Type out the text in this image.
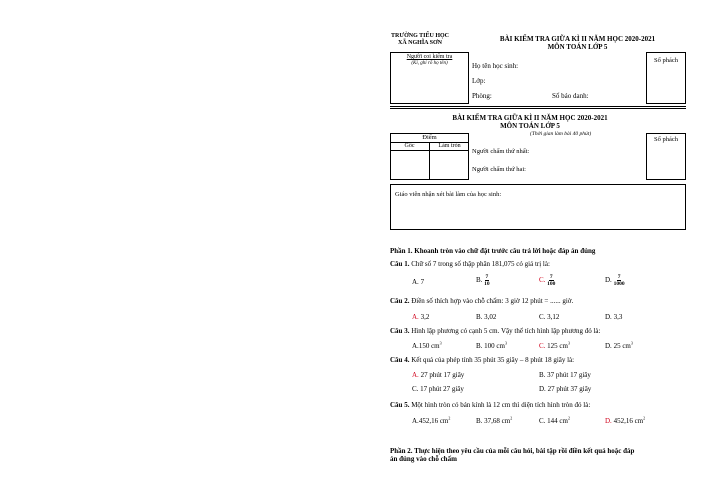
TRƯỜNG TIỂU HỌC
XÃ NGHĨA SƠN	BÀI KIỂM TRA GIỮA KÌ II NĂM HỌC 2020-2021
MÔN TOÁN LỚP 5
Người coi kiểm tra
(Kí, ghi rõ họ tên)	Họ tên học sinh:
Lớp:
Phòng:	Số báo danh:
Số phách
BÀI KIỂM TRA GIỮA KÌ II NĂM HỌC 2020-2021
MÔN TOÁN LỚP 5
(Thời gian làm bài 40 phút)
Điểm
Gốc	Làm tròn
Người chấm thứ nhất:
Người chấm thứ hai:
Số phách
Giáo viên nhận xét bài làm của học sinh:
Phần 1. Khoanh tròn vào chữ đặt trước câu trả lời hoặc đáp án đúng
Câu 1. Chữ số 7 trong số thập phân 181,075 có giá trị là:
A. 7	B. $\frac{7}{10}$	C. $\frac{7}{100}$	D. $\frac{7}{1000}$
Câu 2. Điền số thích hợp vào chỗ chấm: 3 giờ 12 phút = ...... giờ.
A. 3,2	B. 3,02	C. 3,12	D. 3,3
Câu 3. Hình lập phương có cạnh 5 cm. Vậy thể tích hình lập phương đó là:
A.150 $cm^3$	B. 100 $cm^3$	C. 125 $cm^3$	D. 25 $cm^3$
Câu 4. Kết quả của phép tính 35 phút 35 giây – 8 phút 18 giây là:
A. 27 phút 17 giây	B. 37 phút 17 giây
C. 17 phút 27 giây	D. 27 phút 37 giây
Câu 5. Một hình tròn có bán kính là 12 cm thì diện tích hình tròn đó là:
A.452,16 $cm^2$	B. 37,68 $cm^2$	C. 144 $cm^2$	D. 452,16 $cm^2$
Phần 2. Thực hiện theo yêu cầu của mỗi câu hỏi, bài tập rồi điền kết quả hoặc đáp
án đúng vào chỗ chấm
